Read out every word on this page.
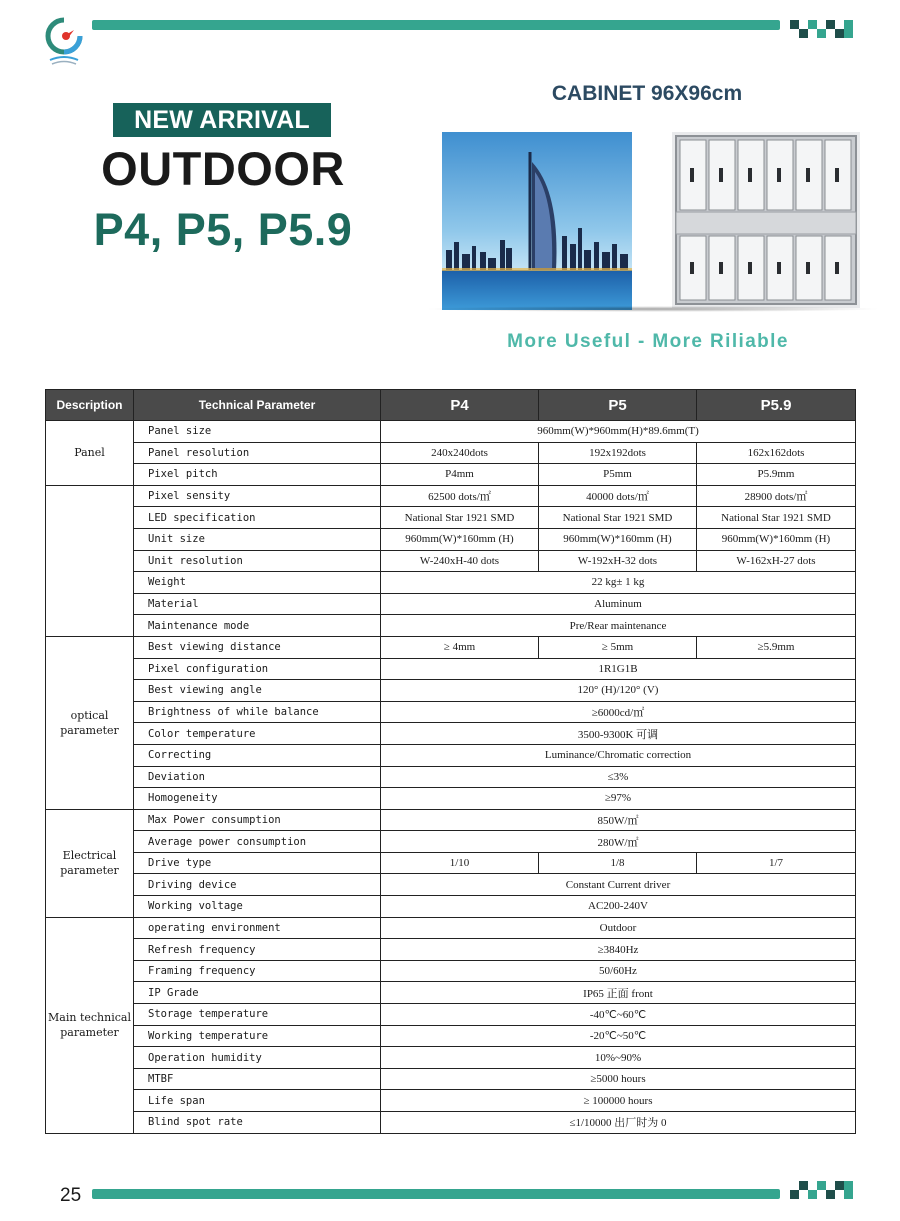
NEW ARRIVAL
OUTDOOR
P4, P5, P5.9
CABINET 96X96cm
More Useful - More Riliable
Description	Technical Parameter	P4	P5	P5.9
Panel	Panel size	960mm(W)*960mm(H)*89.6mm(T)		
	Panel resolution	240x240dots	192x192dots	162x162dots
	Pixel pitch	P4mm	P5mm	P5.9mm
	Pixel sensity	62500 dots/㎡	40000 dots/㎡	28900 dots/㎡
	LED specification	National Star 1921 SMD	National Star 1921 SMD	National Star 1921 SMD
	Unit size	960mm(W)*160mm (H)	960mm(W)*160mm (H)	960mm(W)*160mm (H)
	Unit resolution	W-240xH-40 dots	W-192xH-32 dots	W-162xH-27 dots
	Weight	22 kg± 1 kg		
	Material	Aluminum		
	Maintenance mode	Pre/Rear maintenance		
optical parameter	Best viewing distance	≥ 4mm	≥ 5mm	≥5.9mm
	Pixel configuration	1R1G1B		
	Best viewing angle	120° (H)/120° (V)		
	Brightness of while balance	≥6000cd/㎡		
	Color temperature	3500-9300K 可调		
	Correcting	Luminance/Chromatic correction		
	Deviation	≤3%		
	Homogeneity	≥97%		
Electrical parameter	Max Power consumption	850W/㎡		
	Average power consumption	280W/㎡		
	Drive type	1/10	1/8	1/7
	Driving device	Constant Current driver		
	Working voltage	AC200-240V		
Main technical parameter	operating environment	Outdoor		
	Refresh frequency	≥3840Hz		
	Framing frequency	50/60Hz		
	IP Grade	IP65 正面 front		
	Storage temperature	-40℃~60℃		
	Working temperature	-20℃~50℃		
	Operation humidity	10%~90%		
	MTBF	≥5000 hours		
	Life span	≥ 100000 hours		
	Blind spot rate	≤1/10000 出厂时为 0		
25
